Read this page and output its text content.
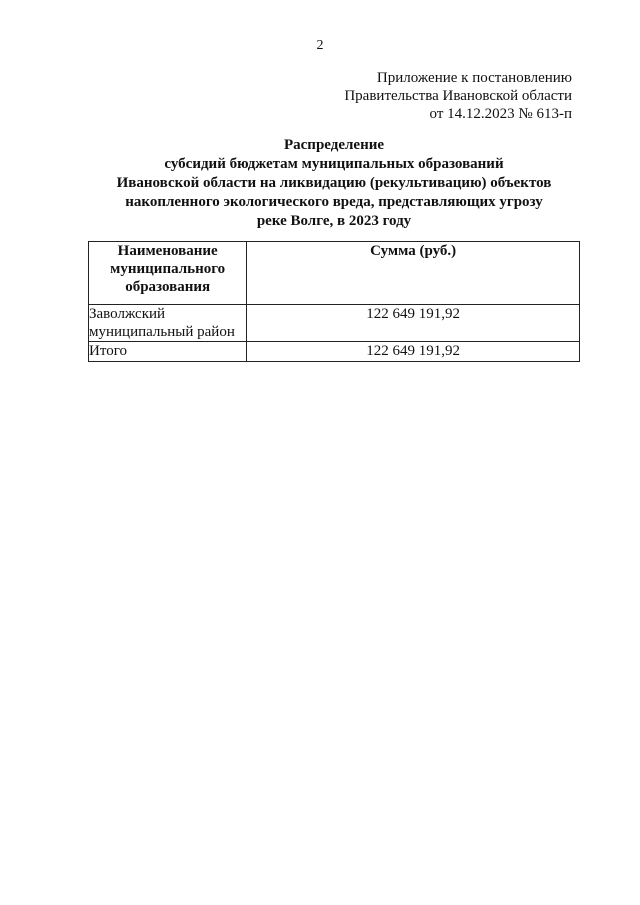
2
Приложение к постановлению
Правительства Ивановской области
от 14.12.2023 № 613-п
Распределение
субсидий бюджетам муниципальных образований
Ивановской области на ликвидацию (рекультивацию) объектов
накопленного экологического вреда, представляющих угрозу
реке Волге, в 2023 году
Наименование
муниципального
образования	Сумма (руб.)

Заволжский
муниципальный район	122 649 191,92
Итого	122 649 191,92
